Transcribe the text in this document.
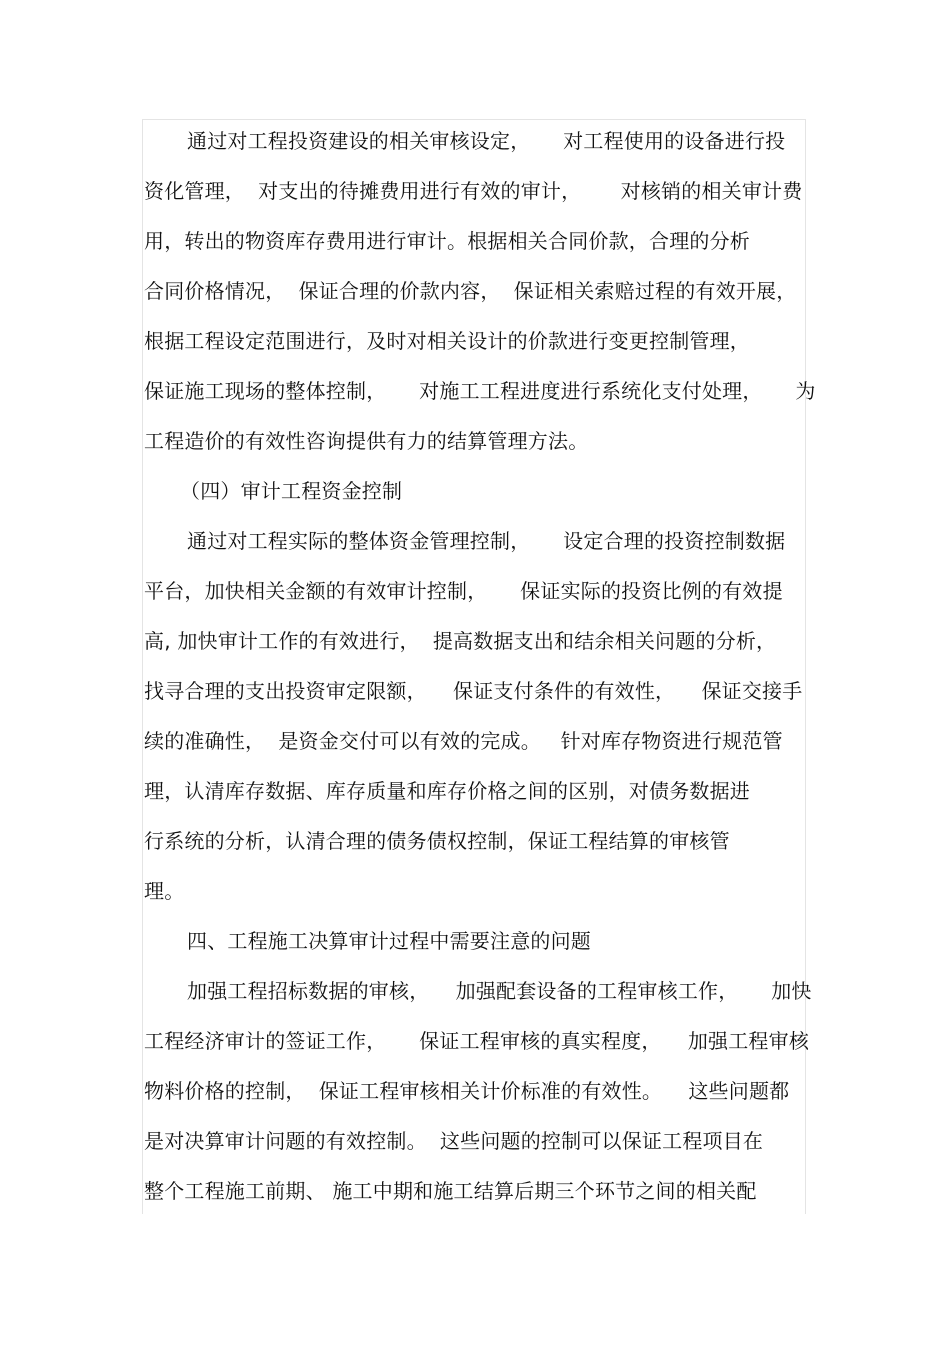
通过对工程投资建设的相关审核设定，     对工程使用的设备进行投
资化管理，  对支出的待摊费用进行有效的审计，      对核销的相关审计费
用，转出的物资库存费用进行审计。根据相关合同价款，合理的分析
合同价格情况，  保证合理的价款内容，  保证相关索赔过程的有效开展，
根据工程设定范围进行，及时对相关设计的价款进行变更控制管理，
保证施工现场的整体控制，     对施工工程进度进行系统化支付处理，     为
工程造价的有效性咨询提供有力的结算管理方法。
（四）审计工程资金控制
通过对工程实际的整体资金管理控制，     设定合理的投资控制数据
平台，加快相关金额的有效审计控制，     保证实际的投资比例的有效提
高, 加快审计工作的有效进行，  提高数据支出和结余相关问题的分析，
找寻合理的支出投资审定限额，    保证支付条件的有效性，    保证交接手
续的准确性，  是资金交付可以有效的完成。   针对库存物资进行规范管
理，认清库存数据、库存质量和库存价格之间的区别，对债务数据进
行系统的分析，认清合理的债务债权控制，保证工程结算的审核管
理。
四、工程施工决算审计过程中需要注意的问题
加强工程招标数据的审核，    加强配套设备的工程审核工作，     加快
工程经济审计的签证工作，     保证工程审核的真实程度，    加强工程审核
物料价格的控制，  保证工程审核相关计价标准的有效性。    这些问题都
是对决算审计问题的有效控制。  这些问题的控制可以保证工程项目在
整个工程施工前期、 施工中期和施工结算后期三个环节之间的相关配
